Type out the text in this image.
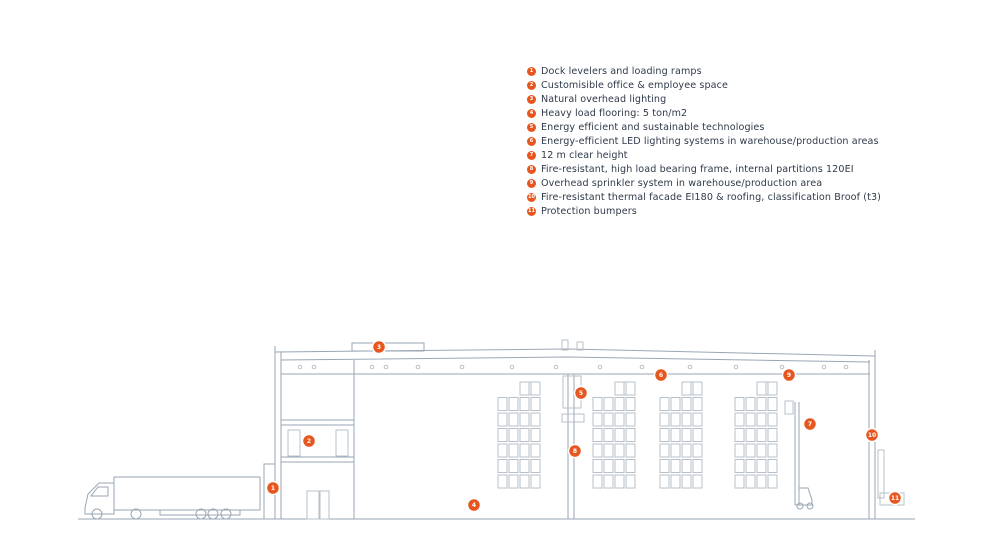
1 Dock levelers and loading ramps
2 Customisible office & employee space
3 Natural overhead lighting
4 Heavy load flooring: 5 ton/m2
5 Energy efficient and sustainable technologies
6 Energy-efficient LED lighting systems in warehouse/production areas
7 12 m clear height
8 Fire-resistant, high load bearing frame, internal partitions 120EI
9 Overhead sprinkler system in warehouse/production area
10 Fire-resistant thermal facade EI180 & roofing, classification Broof (t3)
11 Protection bumpers
1
2
3
4
5
6
7
8
9
10
11
